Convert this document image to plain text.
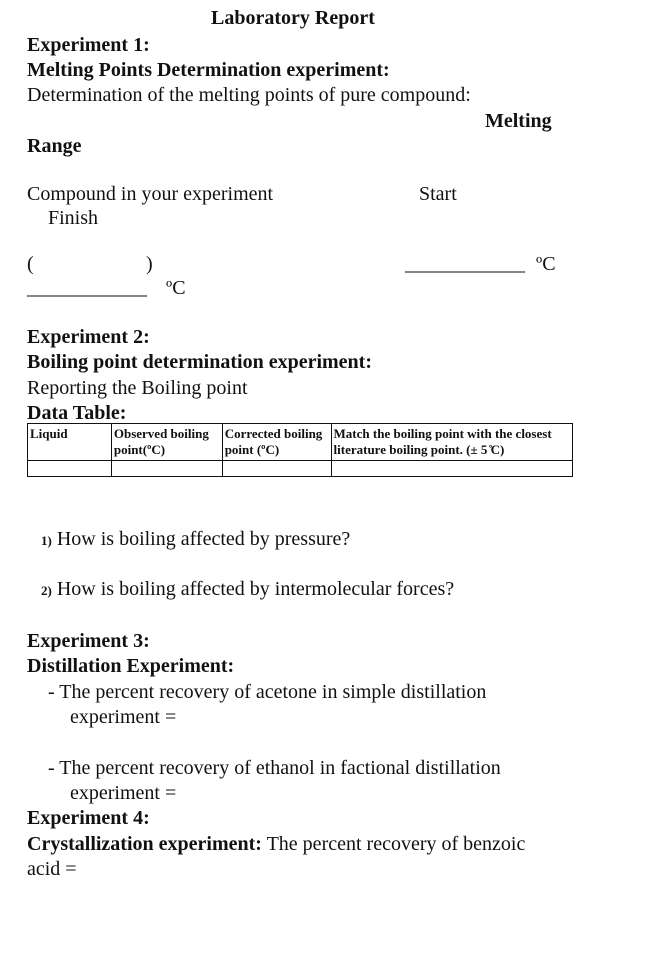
Laboratory Report
Experiment 1:
Melting Points Determination experiment:
Determination of the melting points of pure compound:
Melting
Range
Compound in your experiment	Start
Finish
(	)	____________ ºC
____________ ºC
Experiment 2:
Boiling point determination experiment:
Reporting the Boiling point
Data Table:
Liquid	Observed boiling point(ºC)	Corrected boiling point (ºC)	Match the boiling point with the closest literature boiling point. (± 5 ̊C)

1) How is boiling affected by pressure?
2) How is boiling affected by intermolecular forces?
Experiment 3:
Distillation Experiment:
- The percent recovery of acetone in simple distillation
experiment =
- The percent recovery of ethanol in factional distillation
experiment =
Experiment 4:
Crystallization experiment: The percent recovery of benzoic
acid =
